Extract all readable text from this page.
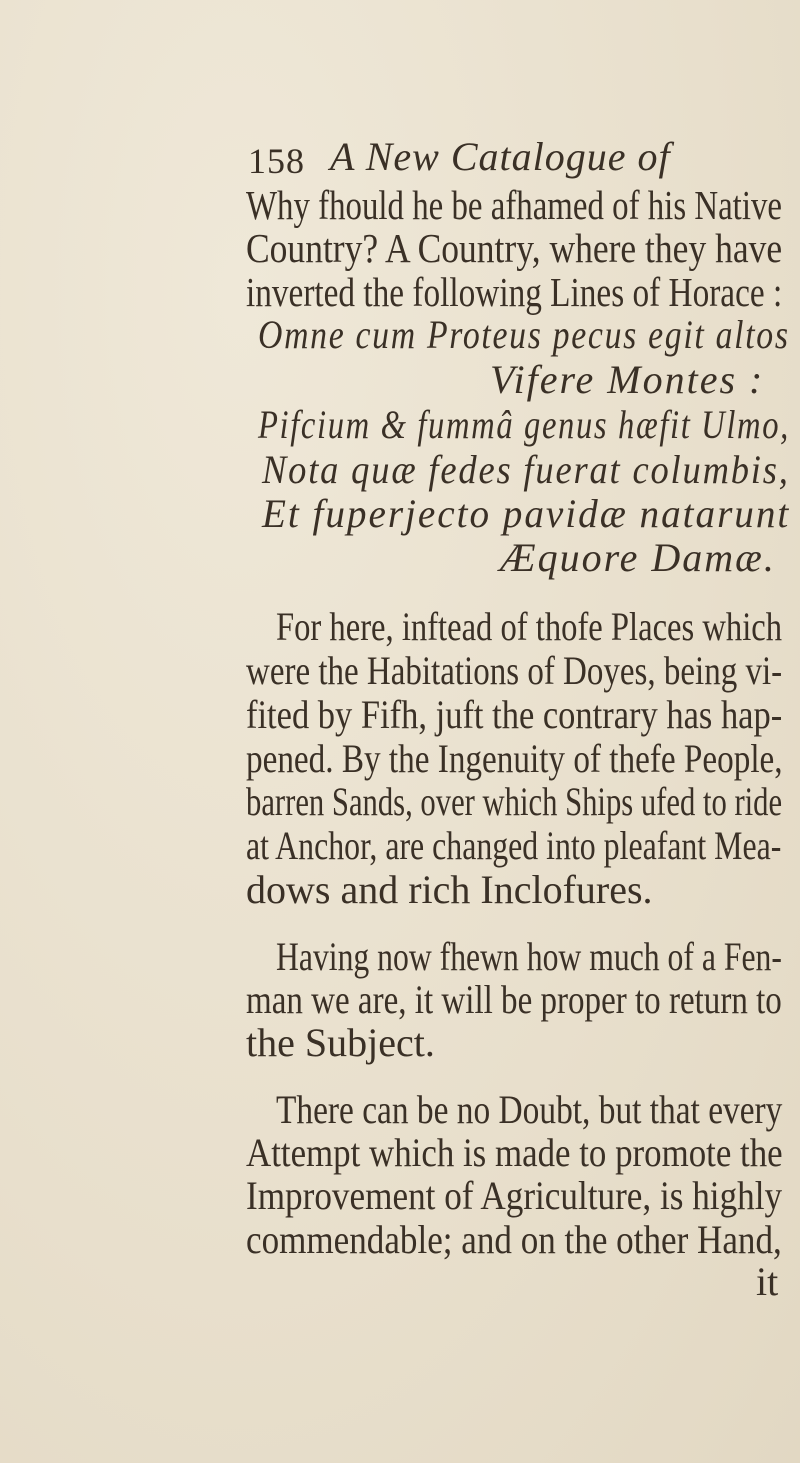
158 A New Catalogue of
Why fhould he be afhamed of his Native
Country? A Country, where they have
inverted the following Lines of Horace :
Omne cum Proteus pecus egit altos
Vifere Montes :
Pifcium & fummâ genus hæfit Ulmo,
Nota quæ fedes fuerat columbis,
Et fuperjecto pavidæ natarunt
Æquore Damæ.
For here, inftead of thofe Places which
were the Habitations of Doyes, being vi-
fited by Fifh, juft the contrary has hap-
pened. By the Ingenuity of thefe People,
barren Sands, over which Ships ufed to ride
at Anchor, are changed into pleafant Mea-
dows and rich Inclofures.
Having now fhewn how much of a Fen-
man we are, it will be proper to return to
the Subject.
There can be no Doubt, but that every
Attempt which is made to promote the
Improvement of Agriculture, is highly
commendable; and on the other Hand,
it
